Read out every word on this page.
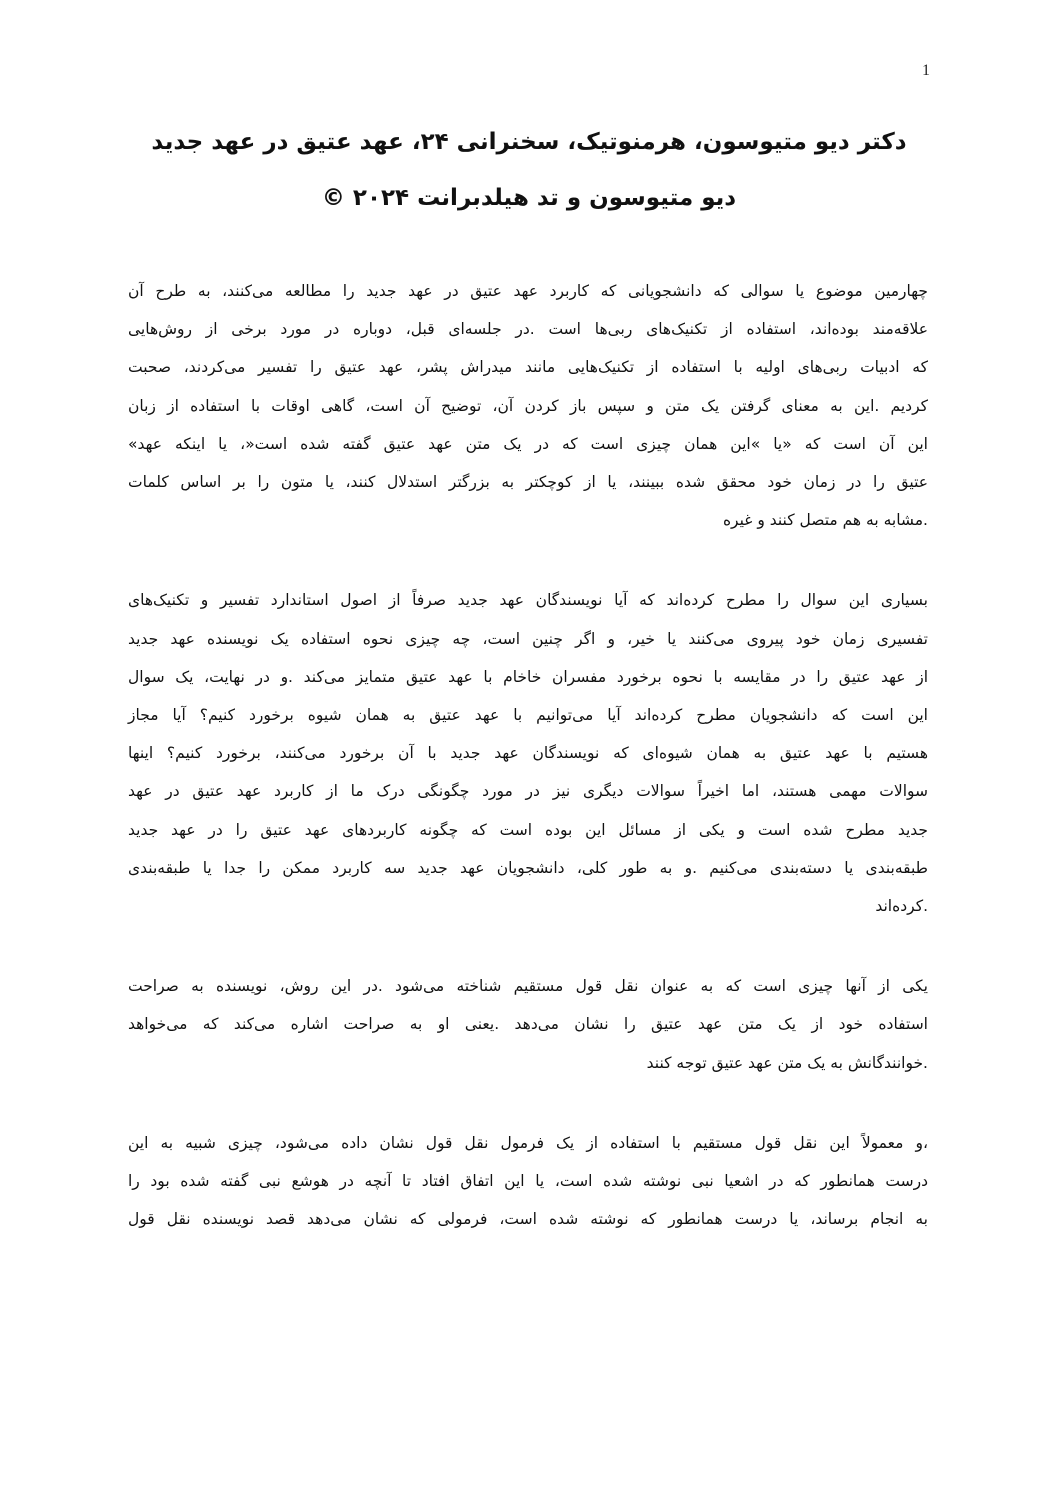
1
دکتر دیو متیوسون، هرمنوتیک، سخنرانی ۲۴، عهد عتیق در عهد جدید
دیو متیوسون و تد هیلدبرانت ۲۰۲۴ ©
چهارمین موضوع یا سوالی که دانشجویانی که کاربرد عهد عتیق در عهد جدید را مطالعه می‌کنند، به طرح آن
علاقه‌مند بوده‌اند، استفاده از تکنیک‌های ربی‌ها است .در جلسه‌ای قبل، دوباره در مورد برخی از روش‌هایی
که ادبیات ربی‌های اولیه با استفاده از تکنیک‌هایی مانند میدراش پشر، عهد عتیق را تفسیر می‌کردند، صحبت
کردیم .این به معنای گرفتن یک متن و سپس باز کردن آن، توضیح آن است، گاهی اوقات با استفاده از زبان
این آن است که «یا »این همان چیزی است که در یک متن عهد عتیق گفته شده است«، یا اینکه عهد»
عتیق را در زمان خود محقق شده ببینند، یا از کوچکتر به بزرگتر استدلال کنند، یا متون را بر اساس کلمات
.مشابه به هم متصل کنند و غیره
بسیاری این سوال را مطرح کرده‌اند که آیا نویسندگان عهد جدید صرفاً از اصول استاندارد تفسیر و تکنیک‌های
تفسیری زمان خود پیروی می‌کنند یا خیر، و اگر چنین است، چه چیزی نحوه استفاده یک نویسنده عهد جدید
از عهد عتیق را در مقایسه با نحوه برخورد مفسران خاخام با عهد عتیق متمایز می‌کند .و در نهایت، یک سوال
این است که دانشجویان مطرح کرده‌اند آیا می‌توانیم با عهد عتیق به همان شیوه برخورد کنیم؟ آیا مجاز
هستیم با عهد عتیق به همان شیوه‌ای که نویسندگان عهد جدید با آن برخورد می‌کنند، برخورد کنیم؟ اینها
سوالات مهمی هستند، اما اخیراً سوالات دیگری نیز در مورد چگونگی درک ما از کاربرد عهد عتیق در عهد
جدید مطرح شده است و یکی از مسائل این بوده است که چگونه کاربردهای عهد عتیق را در عهد جدید
طبقه‌بندی یا دسته‌بندی می‌کنیم .و به طور کلی، دانشجویان عهد جدید سه کاربرد ممکن را جدا یا طبقه‌بندی
.کرده‌اند
یکی از آنها چیزی است که به عنوان نقل قول مستقیم شناخته می‌شود .در این روش، نویسنده به صراحت
استفاده خود از یک متن عهد عتیق را نشان می‌دهد .یعنی او به صراحت اشاره می‌کند که می‌خواهد
.خوانندگانش به یک متن عهد عتیق توجه کنند
،و معمولاً این نقل قول مستقیم با استفاده از یک فرمول نقل قول نشان داده می‌شود، چیزی شبیه به این
درست همانطور که در اشعیا نبی نوشته شده است، یا این اتفاق افتاد تا آنچه در هوشع نبی گفته شده بود را
به انجام برساند، یا درست همانطور که نوشته شده است، فرمولی که نشان می‌دهد قصد نویسنده نقل قول
